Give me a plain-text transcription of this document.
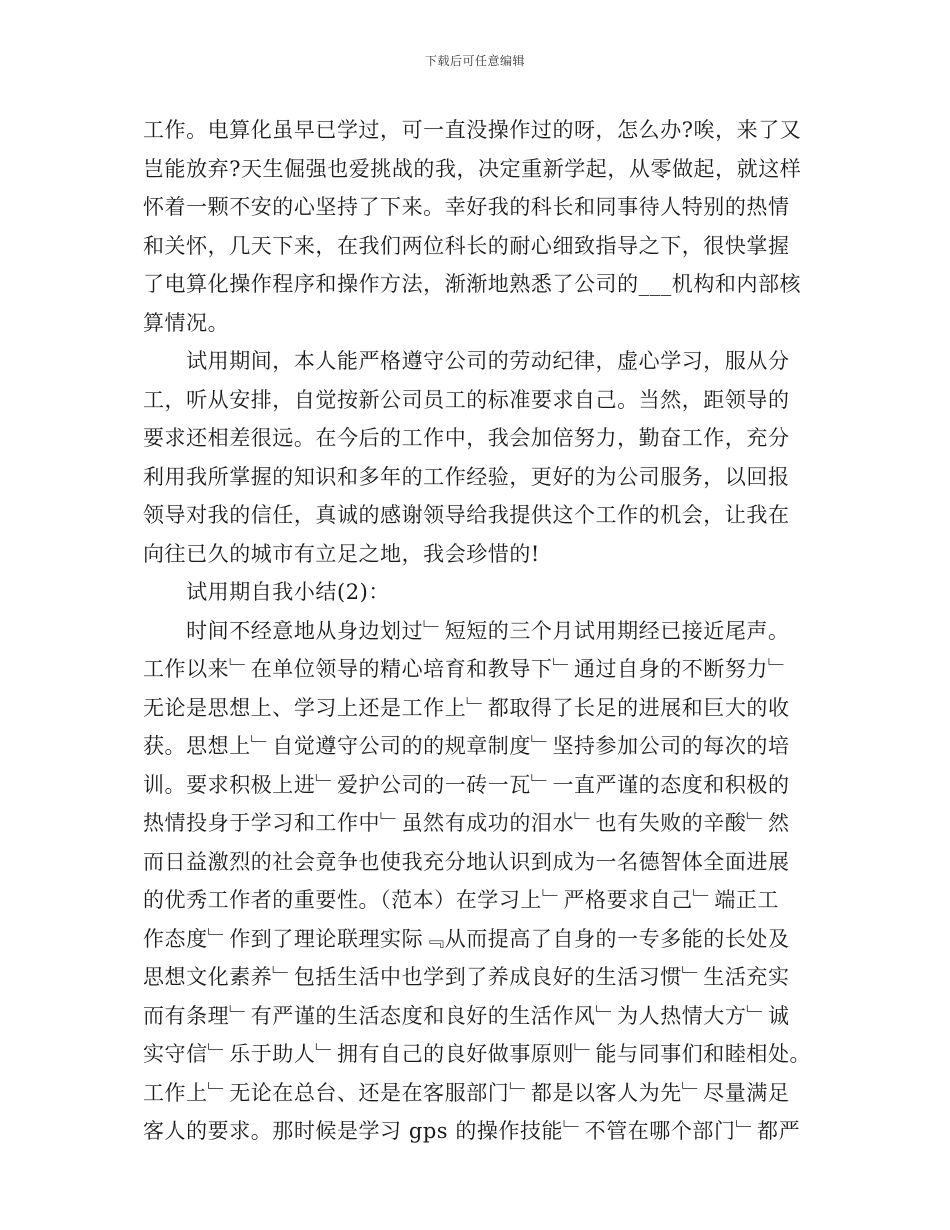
下载后可任意编辑
工作。电算化虽早已学过，可一直没操作过的呀，怎么办?唉，来了又
岂能放弃?天生倔强也爱挑战的我，决定重新学起，从零做起，就这样
怀着一颗不安的心坚持了下来。幸好我的科长和同事待人特别的热情
和关怀，几天下来，在我们两位科长的耐心细致指导之下，很快掌握
了电算化操作程序和操作方法，渐渐地熟悉了公司的___机构和内部核
算情况。
　　试用期间，本人能严格遵守公司的劳动纪律，虚心学习，服从分
工，听从安排，自觉按新公司员工的标准要求自己。当然，距领导的
要求还相差很远。在今后的工作中，我会加倍努力，勤奋工作，充分
利用我所掌握的知识和多年的工作经验，更好的为公司服务，以回报
领导对我的信任，真诚的感谢领导给我提供这个工作的机会，让我在
向往已久的城市有立足之地，我会珍惜的!
　　试用期自我小结(2)：
　　时间不经意地从身边划过﹂短短的三个月试用期经已接近尾声。
工作以来﹂在单位领导的精心培育和教导下﹂通过自身的不断努力﹂
无论是思想上、学习上还是工作上﹂都取得了长足的进展和巨大的收
获。思想上﹂自觉遵守公司的的规章制度﹂坚持参加公司的每次的培
训。要求积极上进﹂爱护公司的一砖一瓦﹂一直严谨的态度和积极的
热情投身于学习和工作中﹂虽然有成功的泪水﹂也有失败的辛酸﹂然
而日益激烈的社会竟争也使我充分地认识到成为一名德智体全面进展
的优秀工作者的重要性。（范本）在学习上﹂严格要求自己﹂端正工
作态度﹂作到了理论联理实际﹃从而提高了自身的一专多能的长处及
思想文化素养﹂包括生活中也学到了养成良好的生活习惯﹂生活充实
而有条理﹂有严谨的生活态度和良好的生活作风﹂为人热情大方﹂诚
实守信﹂乐于助人﹂拥有自己的良好做事原则﹂能与同事们和睦相处。
工作上﹂无论在总台、还是在客服部门﹂都是以客人为先﹂尽量满足
客人的要求。那时候是学习 gps 的操作技能﹂不管在哪个部门﹂都严
